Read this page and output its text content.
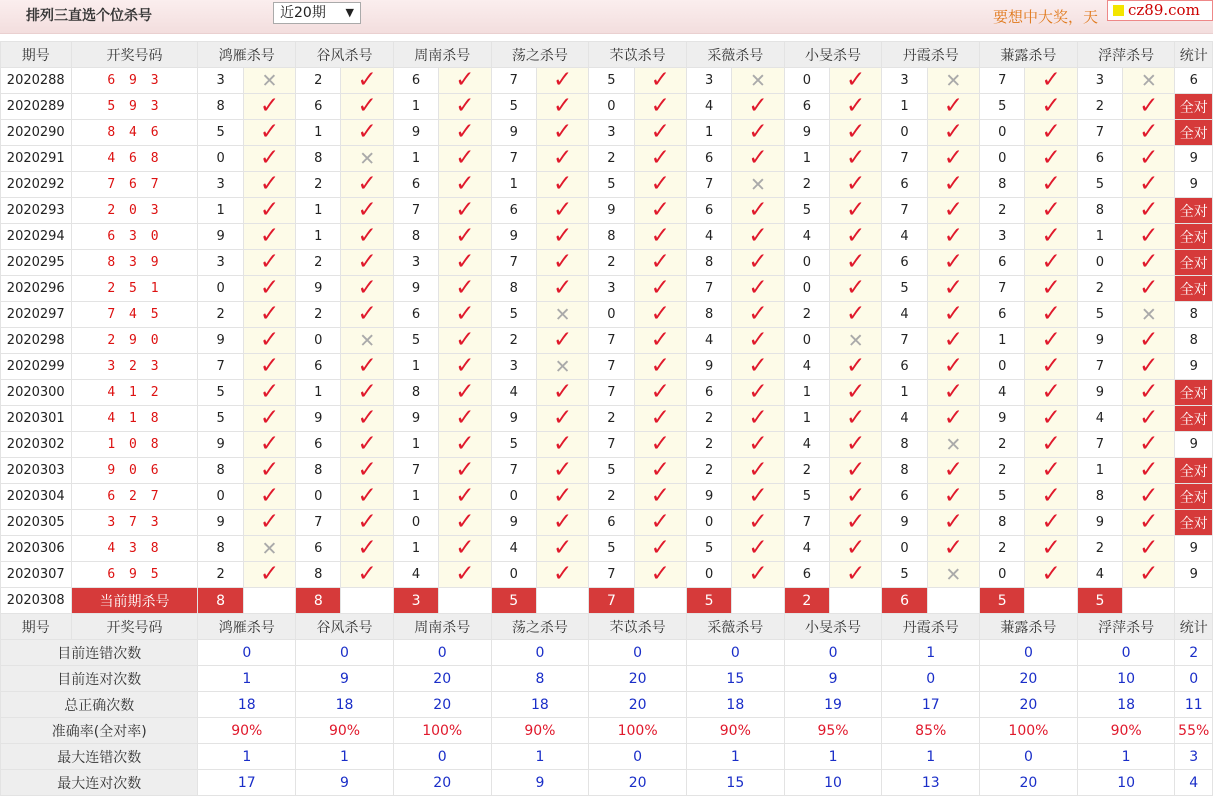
排列三直选个位杀号	近20期 ▼	要想中大奖，天	cz89.com
期号	开奖号码	鸿雁杀号		谷风杀号		周南杀号		荡之杀号		芣苡杀号		采薇杀号		小旻杀号		丹霞杀号		蒹露杀号		浮萍杀号		统计
2020288	6 9 3	3	✕	2	✓	6	✓	7	✓	5	✓	3	✕	0	✓	3	✕	7	✓	3	✕	6
2020289	5 9 3	8	✓	6	✓	1	✓	5	✓	0	✓	4	✓	6	✓	1	✓	5	✓	2	✓	全对
2020290	8 4 6	5	✓	1	✓	9	✓	9	✓	3	✓	1	✓	9	✓	0	✓	0	✓	7	✓	全对
2020291	4 6 8	0	✓	8	✕	1	✓	7	✓	2	✓	6	✓	1	✓	7	✓	0	✓	6	✓	9
2020292	7 6 7	3	✓	2	✓	6	✓	1	✓	5	✓	7	✕	2	✓	6	✓	8	✓	5	✓	9
2020293	2 0 3	1	✓	1	✓	7	✓	6	✓	9	✓	6	✓	5	✓	7	✓	2	✓	8	✓	全对
2020294	6 3 0	9	✓	1	✓	8	✓	9	✓	8	✓	4	✓	4	✓	4	✓	3	✓	1	✓	全对
2020295	8 3 9	3	✓	2	✓	3	✓	7	✓	2	✓	8	✓	0	✓	6	✓	6	✓	0	✓	全对
2020296	2 5 1	0	✓	9	✓	9	✓	8	✓	3	✓	7	✓	0	✓	5	✓	7	✓	2	✓	全对
2020297	7 4 5	2	✓	2	✓	6	✓	5	✕	0	✓	8	✓	2	✓	4	✓	6	✓	5	✕	8
2020298	2 9 0	9	✓	0	✕	5	✓	2	✓	7	✓	4	✓	0	✕	7	✓	1	✓	9	✓	8
2020299	3 2 3	7	✓	6	✓	1	✓	3	✕	7	✓	9	✓	4	✓	6	✓	0	✓	7	✓	9
2020300	4 1 2	5	✓	1	✓	8	✓	4	✓	7	✓	6	✓	1	✓	1	✓	4	✓	9	✓	全对
2020301	4 1 8	5	✓	9	✓	9	✓	9	✓	2	✓	2	✓	1	✓	4	✓	9	✓	4	✓	全对
2020302	1 0 8	9	✓	6	✓	1	✓	5	✓	7	✓	2	✓	4	✓	8	✕	2	✓	7	✓	9
2020303	9 0 6	8	✓	8	✓	7	✓	7	✓	5	✓	2	✓	2	✓	8	✓	2	✓	1	✓	全对
2020304	6 2 7	0	✓	0	✓	1	✓	0	✓	2	✓	9	✓	5	✓	6	✓	5	✓	8	✓	全对
2020305	3 7 3	9	✓	7	✓	0	✓	9	✓	6	✓	0	✓	7	✓	9	✓	8	✓	9	✓	全对
2020306	4 3 8	8	✕	6	✓	1	✓	4	✓	5	✓	5	✓	4	✓	0	✓	2	✓	2	✓	9
2020307	6 9 5	2	✓	8	✓	4	✓	0	✓	7	✓	0	✓	6	✓	5	✕	0	✓	4	✓	9
2020308	当前期杀号	8		8		3		5		7		5		2		6		5		5		
期号	开奖号码	鸿雁杀号		谷风杀号		周南杀号		荡之杀号		芣苡杀号		采薇杀号		小旻杀号		丹霞杀号		蒹露杀号		浮萍杀号		统计
目前连错次数		0		0		0		0		0		0		0		1		0		0		2
目前连对次数		1		9		20		8		20		15		9		0		20		10		0
总正确次数		18		18		20		18		20		18		19		17		20		18		11
准确率(全对率)		90%		90%		100%		90%		100%		90%		95%		85%		100%		90%		55%
最大连错次数		1		1		0		1		0		1		1		1		0		1		3
最大连对次数		17		9		20		9		20		15		10		13		20		10		4
